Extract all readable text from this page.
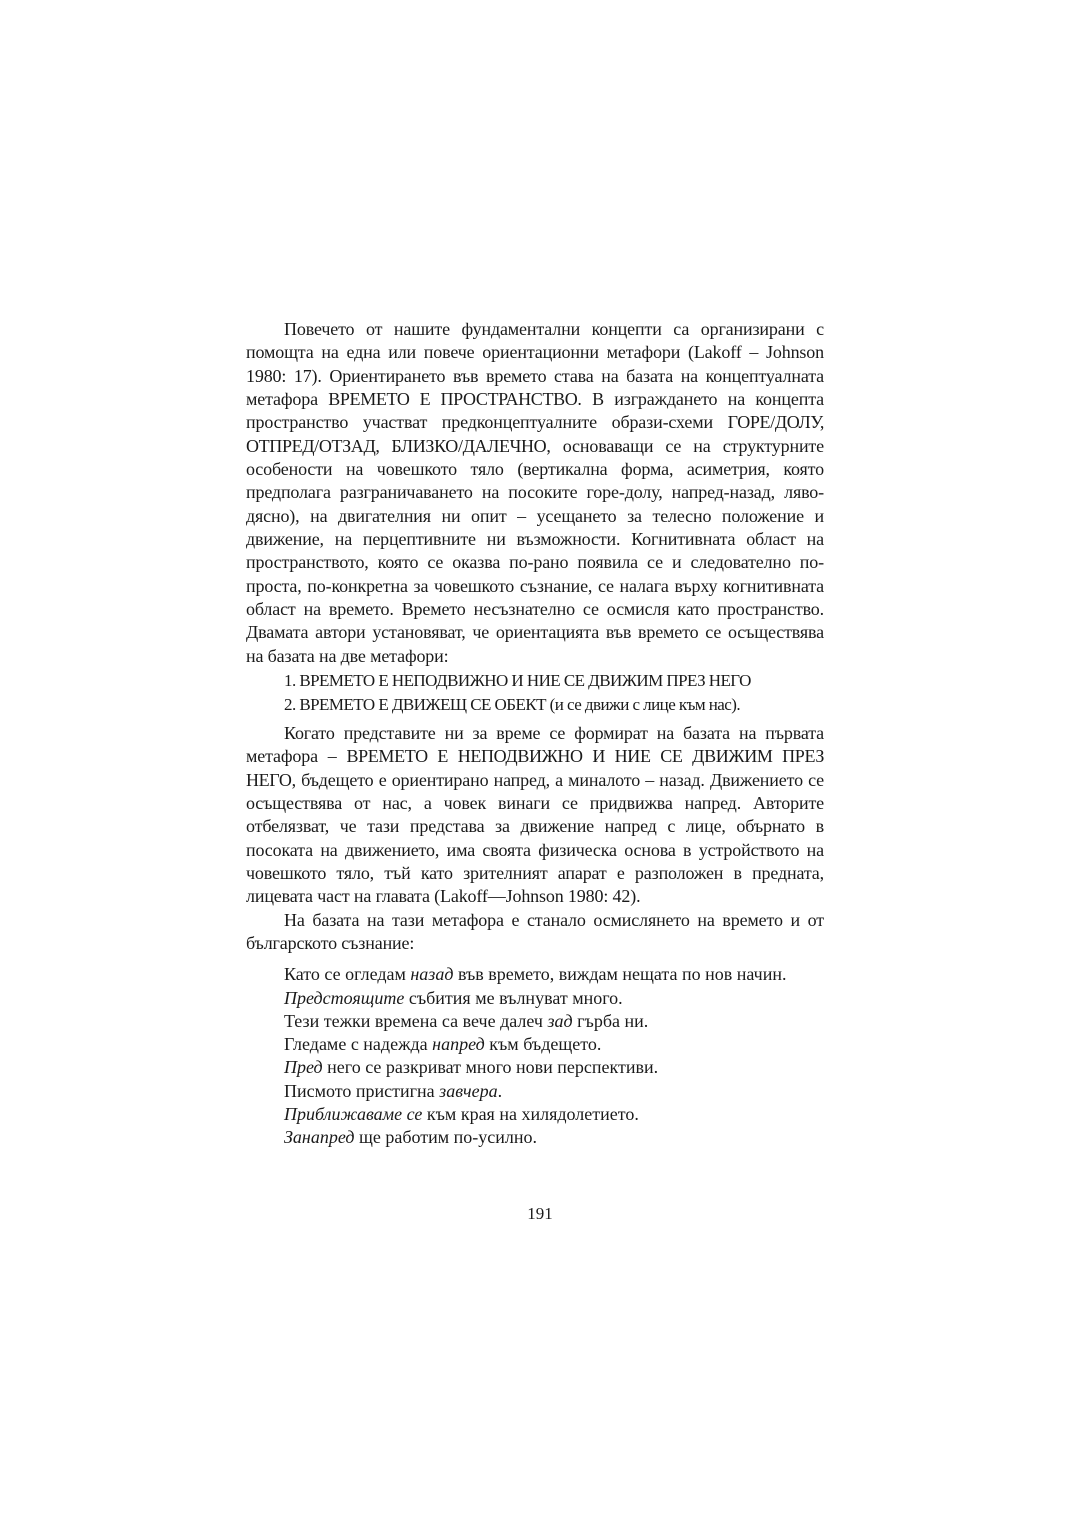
Повечето от нашите фундаментални концепти са организирани с помощта на една или повече ориентационни метафори (Lakoff – Johnson 1980: 17). Ориентирането във времето става на базата на концептуалната метафора ВРЕМЕТО Е ПРОСТРАНСТВО. В изграждането на концепта пространство участват предконцептуалните образи-схеми ГОРЕ/ДОЛУ, ОТПРЕД/ОТЗАД, БЛИЗКО/ДАЛЕЧНО, основаващи се на структурните особености на човешкото тяло (вертикална форма, асиметрия, която предполага разграничаването на посоките горе-долу, напред-назад, ляво-дясно), на двигателния ни опит – усещането за телесно положение и движение, на перцептивните ни възможности. Когнитивната област на пространството, която се оказва по-рано появила се и следователно по-проста, по-конкретна за човешкото съзнание, се налага върху когнитивната област на времето. Времето несъзнателно се осмисля като пространство. Двамата автори установяват, че ориентацията във времето се осъществява на базата на две метафори:

1. ВРЕМЕТО Е НЕПОДВИЖНО И НИЕ СЕ ДВИЖИМ ПРЕЗ НЕГО

2. ВРЕМЕТО Е ДВИЖЕЩ СЕ ОБЕКТ (и се движи с лице към нас).

Когато представите ни за време се формират на базата на първата метафора – ВРЕМЕТО Е НЕПОДВИЖНО И НИЕ СЕ ДВИЖИМ ПРЕЗ НЕГО, бъдещето е ориентирано напред, а миналото – назад. Движението се осъществява от нас, а човек винаги се придвижва напред. Авторите отбелязват, че тази представа за движение напред с лице, обърнато в посоката на движението, има своята физическа основа в устройството на човешкото тяло, тъй като зрителният апарат е разположен в предната, лицевата част на главата (Lakoff—Johnson 1980: 42).

На базата на тази метафора е станало осмислянето на времето и от българското съзнание:

Като се огледам назад във времето, виждам нещата по нов начин.

Предстоящите събития ме вълнуват много.

Тези тежки времена са вече далеч зад гърба ни.

Гледаме с надежда напред към бъдещето.

Пред него се разкриват много нови перспективи.

Писмото пристигна завчера.

Приближаваме се към края на хилядолетието.

Занапред ще работим по-усилно.

191
